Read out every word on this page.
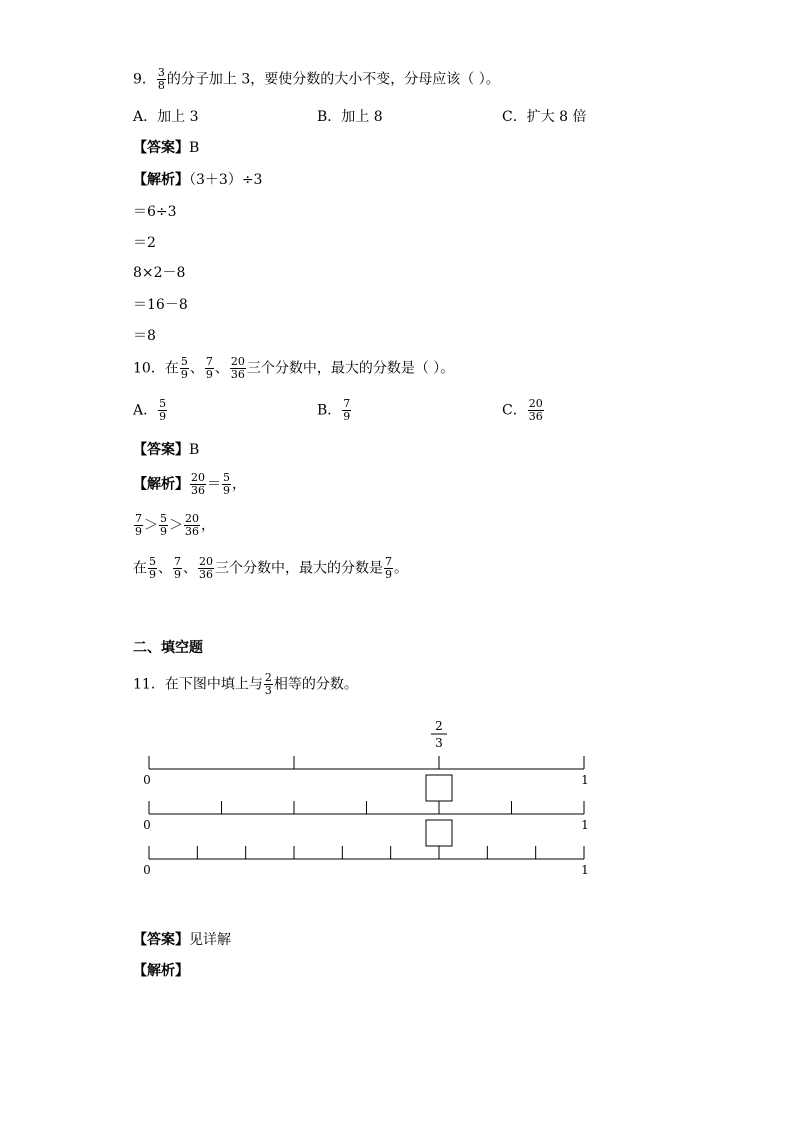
9． $\frac{3}{8}$ 的分子加上 3，要使分数的大小不变，分母应该（ ）。
A．加上 3	B．加上 8	C．扩大 8 倍
【答案】B
【解析】（3＋3）÷3
＝6÷3
＝2
8×2－8
＝16－8
＝8
10．在 $\frac{5}{9}$ 、 $\frac{7}{9}$ 、 $\frac{20}{36}$ 三个分数中，最大的分数是（ ）。
A． $\frac{5}{9}$	B． $\frac{7}{9}$	C． $\frac{20}{36}$
【答案】B
【解析】 $\frac{20}{36} = \frac{5}{9}$ ，
$\frac{7}{9} > \frac{5}{9} > \frac{20}{36}$ ，
在 $\frac{5}{9}$ 、 $\frac{7}{9}$ 、 $\frac{20}{36}$ 三个分数中，最大的分数是 $\frac{7}{9}$ 。
二、填空题
11．在下图中填上与 $\frac{2}{3}$ 相等的分数。
2
3
0	1
0	1
0	1
【答案】见详解
【解析】
